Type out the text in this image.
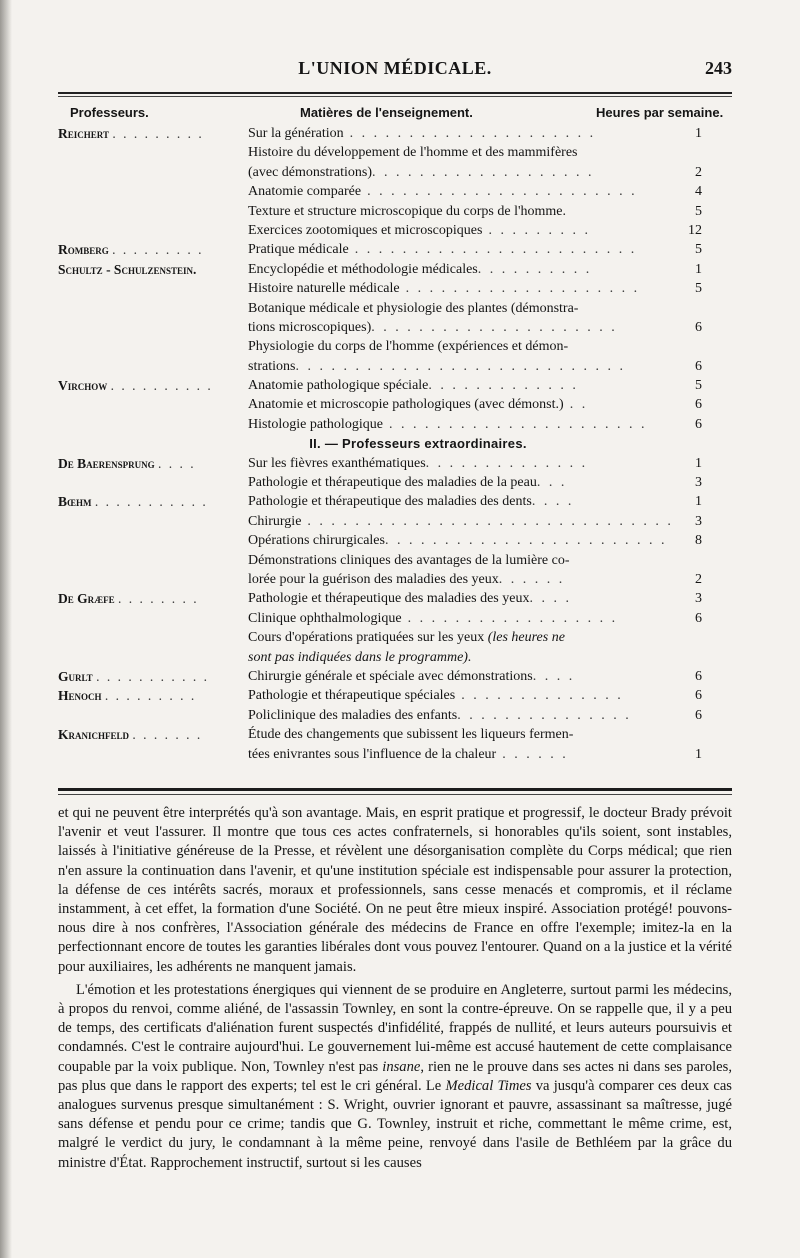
L'UNION MÉDICALE.	243
Professeurs.	Matières de l'enseignement.	Heures par semaine.
Reichert . . . . . . . . .	Sur la génération . . . . . . . . . . . . . . . . . . . . .	1
Histoire du développement de l'homme et des mammifères
(avec démonstrations). . . . . . . . . . . . . . . . . . .	2
Anatomie comparée . . . . . . . . . . . . . . . . . . . . . . .	4
Texture et structure microscopique du corps de l'homme.	5
Exercices zootomiques et microscopiques . . . . . . . . .	12
Romberg . . . . . . . . .	Pratique médicale . . . . . . . . . . . . . . . . . . . . . . . .	5
Schultz - Schulzenstein.	Encyclopédie et méthodologie médicales. . . . . . . . . .	1
Histoire naturelle médicale . . . . . . . . . . . . . . . . . . . .	5
Botanique médicale et physiologie des plantes (démonstra-
tions microscopiques). . . . . . . . . . . . . . . . . . . . .	6
Physiologie du corps de l'homme (expériences et démon-
strations. . . . . . . . . . . . . . . . . . . . . . . . . . . .	6
Virchow . . . . . . . . . .	Anatomie pathologique spéciale. . . . . . . . . . . . .	5
Anatomie et microscopie pathologiques (avec démonst.) . .	6
Histologie pathologique . . . . . . . . . . . . . . . . . . . . . .	6
II. — Professeurs extraordinaires.
De Baerensprung . . . .	Sur les fièvres exanthématiques. . . . . . . . . . . . . .	1
Pathologie et thérapeutique des maladies de la peau. . .	3
Bœhm . . . . . . . . . . .	Pathologie et thérapeutique des maladies des dents. . . .	1
Chirurgie . . . . . . . . . . . . . . . . . . . . . . . . . . . . . . .	3
Opérations chirurgicales. . . . . . . . . . . . . . . . . . . . . . . .	8
Démonstrations cliniques des avantages de la lumière co-
lorée pour la guérison des maladies des yeux. . . . . .	2
De Græfe . . . . . . . .	Pathologie et thérapeutique des maladies des yeux. . . .	3
Clinique ophthalmologique . . . . . . . . . . . . . . . . . .	6
Cours d'opérations pratiquées sur les yeux (les heures ne
sont pas indiquées dans le programme).
Gurlt . . . . . . . . . . .	Chirurgie générale et spéciale avec démonstrations. . . .	6
Henoch . . . . . . . . .	Pathologie et thérapeutique spéciales . . . . . . . . . . . . . .	6
Policlinique des maladies des enfants. . . . . . . . . . . . . . .	6
Kranichfeld . . . . . . .	Étude des changements que subissent les liqueurs fermen-
tées enivrantes sous l'influence de la chaleur . . . . . .	1

et qui ne peuvent être interprétés qu'à son avantage. Mais, en esprit pratique et progressif, le docteur Brady prévoit l'avenir et veut l'assurer. Il montre que tous ces actes confraternels, si honorables qu'ils soient, sont instables, laissés à l'initiative généreuse de la Presse, et révèlent une désorganisation complète du Corps médical; que rien n'en assure la continuation dans l'avenir, et qu'une institution spéciale est indispensable pour assurer la protection, la défense de ces intérêts sacrés, moraux et professionnels, sans cesse menacés et compromis, et il réclame instamment, à cet effet, la formation d'une Société. On ne peut être mieux inspiré. Association protégé! pouvons-nous dire à nos confrères, l'Association générale des médecins de France en offre l'exemple; imitez-la en la perfectionnant encore de toutes les garanties libérales dont vous pouvez l'entourer. Quand on a la justice et la vérité pour auxiliaires, les adhérents ne manquent jamais.

L'émotion et les protestations énergiques qui viennent de se produire en Angleterre, surtout parmi les médecins, à propos du renvoi, comme aliéné, de l'assassin Townley, en sont la contre-épreuve. On se rappelle que, il y a peu de temps, des certificats d'aliénation furent suspectés d'infidélité, frappés de nullité, et leurs auteurs poursuivis et condamnés. C'est le contraire aujourd'hui. Le gouvernement lui-même est accusé hautement de cette complaisance coupable par la voix publique. Non, Townley n'est pas insane, rien ne le prouve dans ses actes ni dans ses paroles, pas plus que dans le rapport des experts; tel est le cri général. Le Medical Times va jusqu'à comparer ces deux cas analogues survenus presque simultanément : S. Wright, ouvrier ignorant et pauvre, assassinant sa maîtresse, jugé sans défense et pendu pour ce crime; tandis que G. Townley, instruit et riche, commettant le même crime, est, malgré le verdict du jury, le condamnant à la même peine, renvoyé dans l'asile de Bethléem par la grâce du ministre d'État. Rapprochement instructif, surtout si les causes
